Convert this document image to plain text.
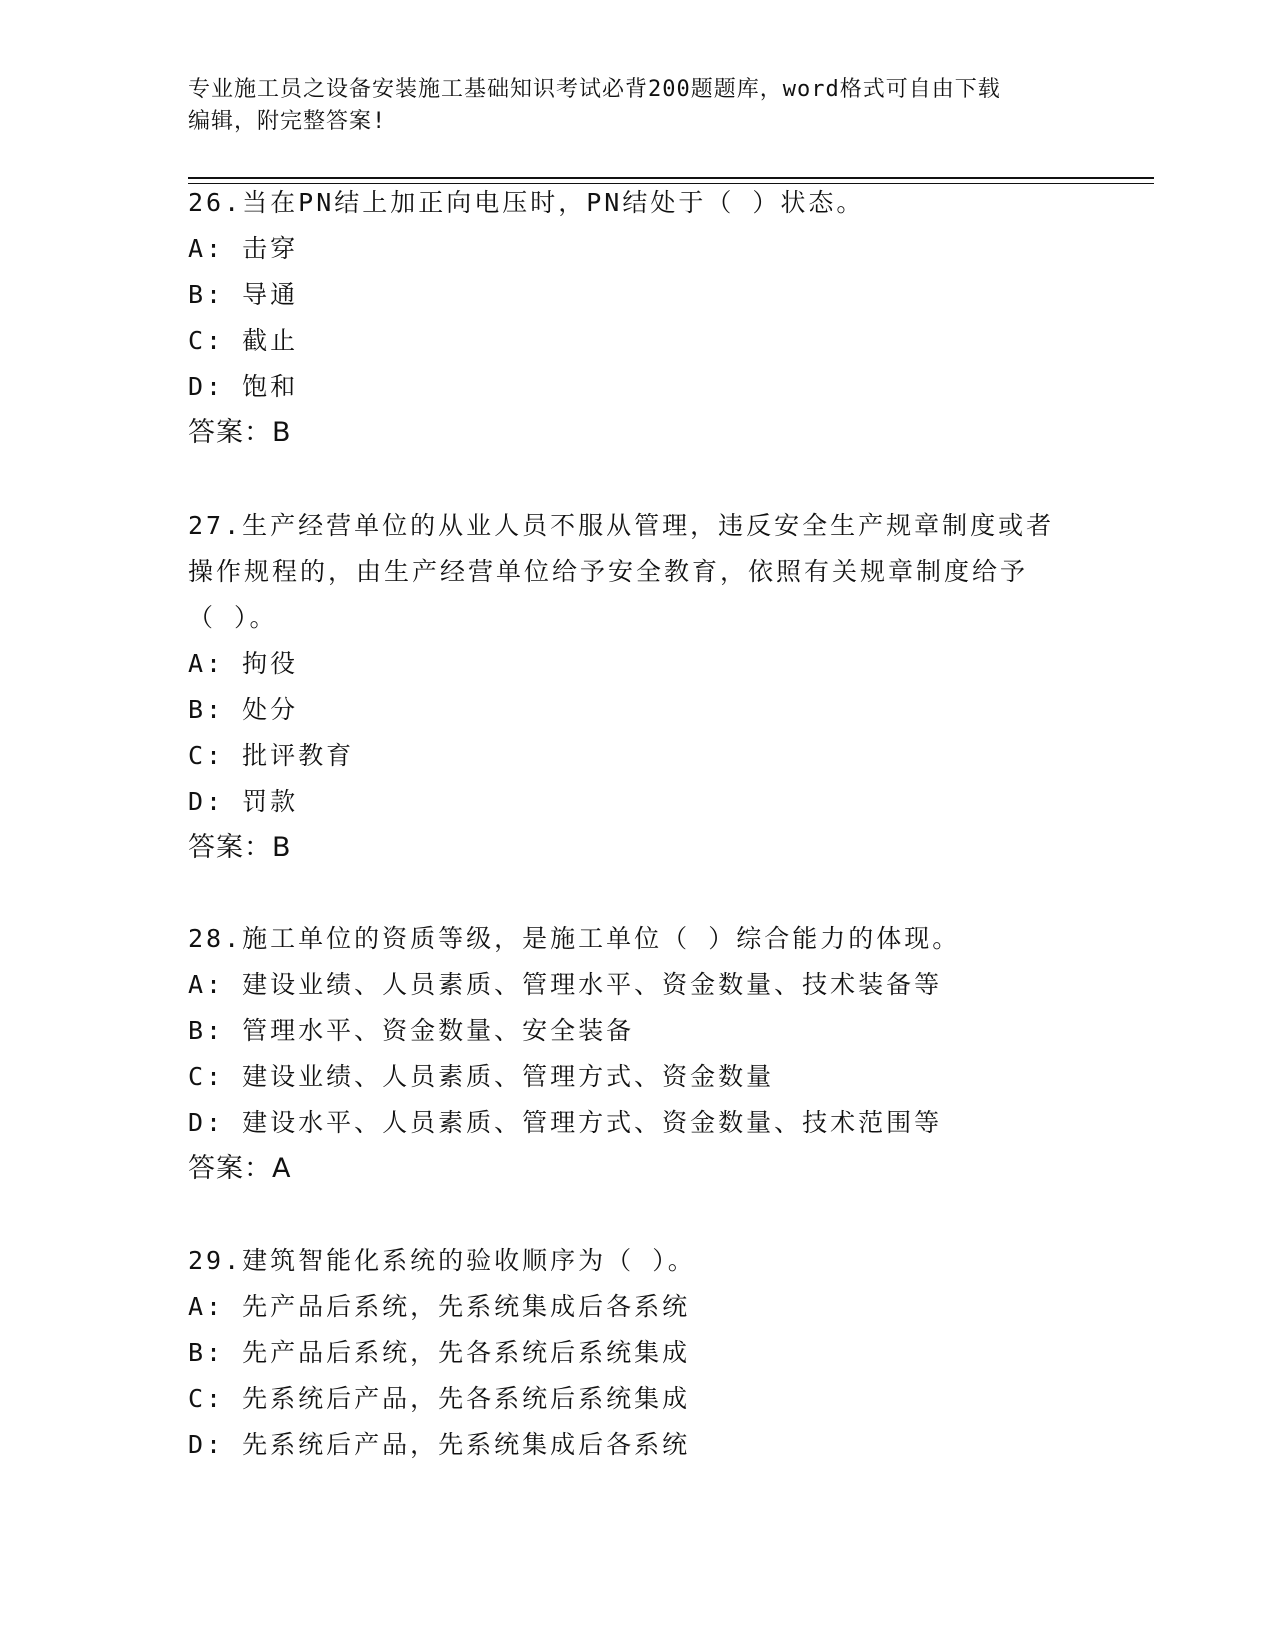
专业施工员之设备安装施工基础知识考试必背200题题库，word格式可自由下载
编辑，附完整答案!
26.当在PN结上加正向电压时，PN结处于（ ）状态。
A: 击穿
B: 导通
C: 截止
D: 饱和
答案：B
27.生产经营单位的从业人员不服从管理，违反安全生产规章制度或者
操作规程的，由生产经营单位给予安全教育，依照有关规章制度给予
（ ）。
A: 拘役
B: 处分
C: 批评教育
D: 罚款
答案：B
28.施工单位的资质等级，是施工单位（ ）综合能力的体现。
A: 建设业绩、人员素质、管理水平、资金数量、技术装备等
B: 管理水平、资金数量、安全装备
C: 建设业绩、人员素质、管理方式、资金数量
D: 建设水平、人员素质、管理方式、资金数量、技术范围等
答案：A
29.建筑智能化系统的验收顺序为（ ）。
A: 先产品后系统，先系统集成后各系统
B: 先产品后系统，先各系统后系统集成
C: 先系统后产品，先各系统后系统集成
D: 先系统后产品，先系统集成后各系统
